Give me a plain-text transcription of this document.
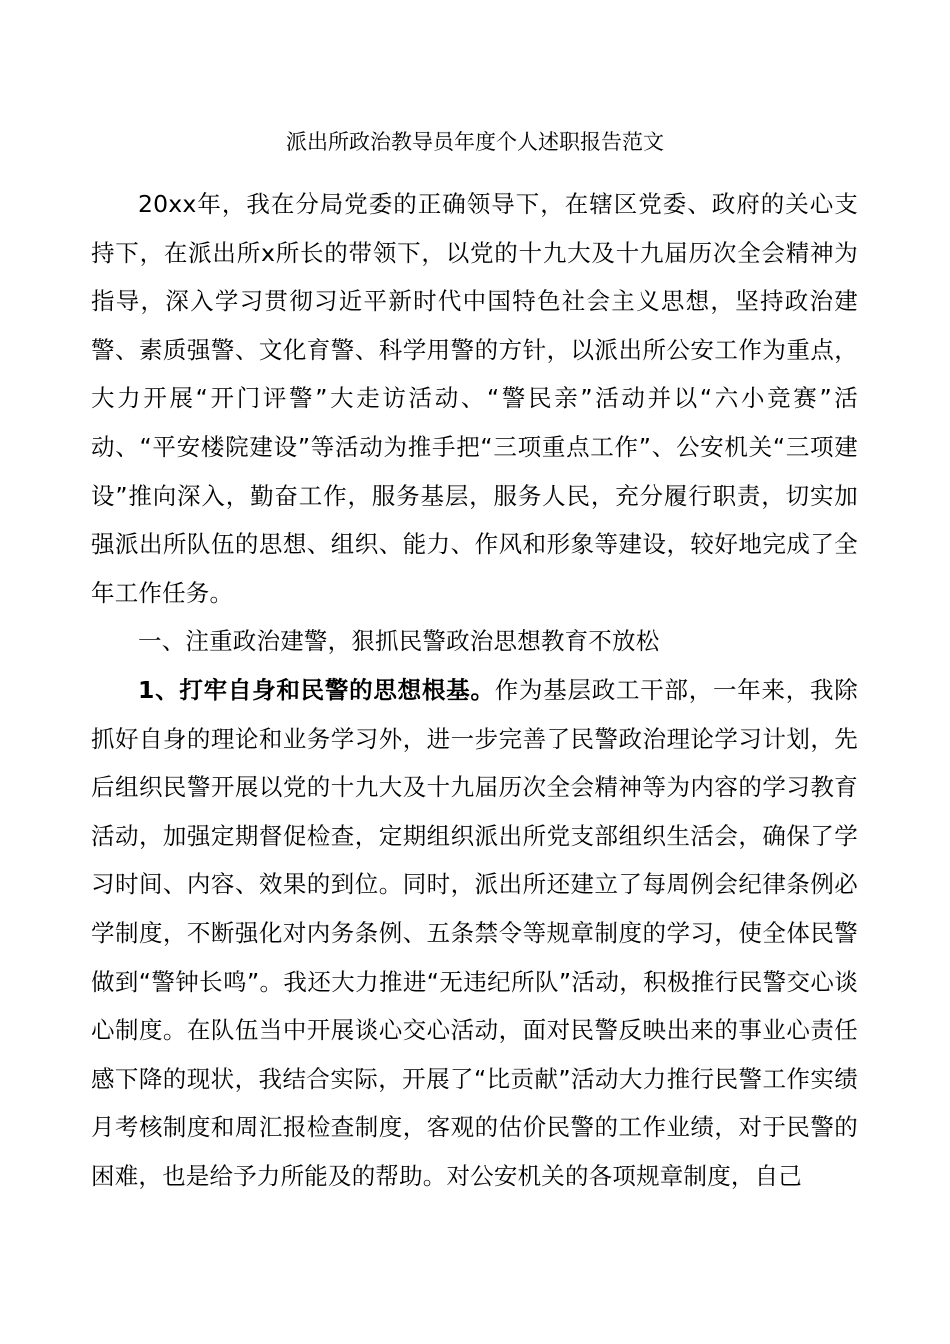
派出所政治教导员年度个人述职报告范文

20xx年，我在分局党委的正确领导下，在辖区党委、政府的关心支持下，在派出所x所长的带领下，以党的十九大及十九届历次全会精神为指导，深入学习贯彻习近平新时代中国特色社会主义思想，坚持政治建警、素质强警、文化育警、科学用警的方针，以派出所公安工作为重点，大力开展“开门评警”大走访活动、“警民亲”活动并以“六小竞赛”活动、“平安楼院建设”等活动为推手把“三项重点工作”、公安机关“三项建设”推向深入，勤奋工作，服务基层，服务人民，充分履行职责，切实加强派出所队伍的思想、组织、能力、作风和形象等建设，较好地完成了全年工作任务。

一、注重政治建警，狠抓民警政治思想教育不放松

1、打牢自身和民警的思想根基。作为基层政工干部，一年来，我除抓好自身的理论和业务学习外，进一步完善了民警政治理论学习计划，先后组织民警开展以党的十九大及十九届历次全会精神等为内容的学习教育活动，加强定期督促检查，定期组织派出所党支部组织生活会，确保了学习时间、内容、效果的到位。同时，派出所还建立了每周例会纪律条例必学制度，不断强化对内务条例、五条禁令等规章制度的学习，使全体民警做到“警钟长鸣”。我还大力推进“无违纪所队”活动，积极推行民警交心谈心制度。在队伍当中开展谈心交心活动，面对民警反映出来的事业心责任感下降的现状，我结合实际，开展了“比贡献”活动大力推行民警工作实绩月考核制度和周汇报检查制度，客观的估价民警的工作业绩，对于民警的困难，也是给予力所能及的帮助。对公安机关的各项规章制度，自己
